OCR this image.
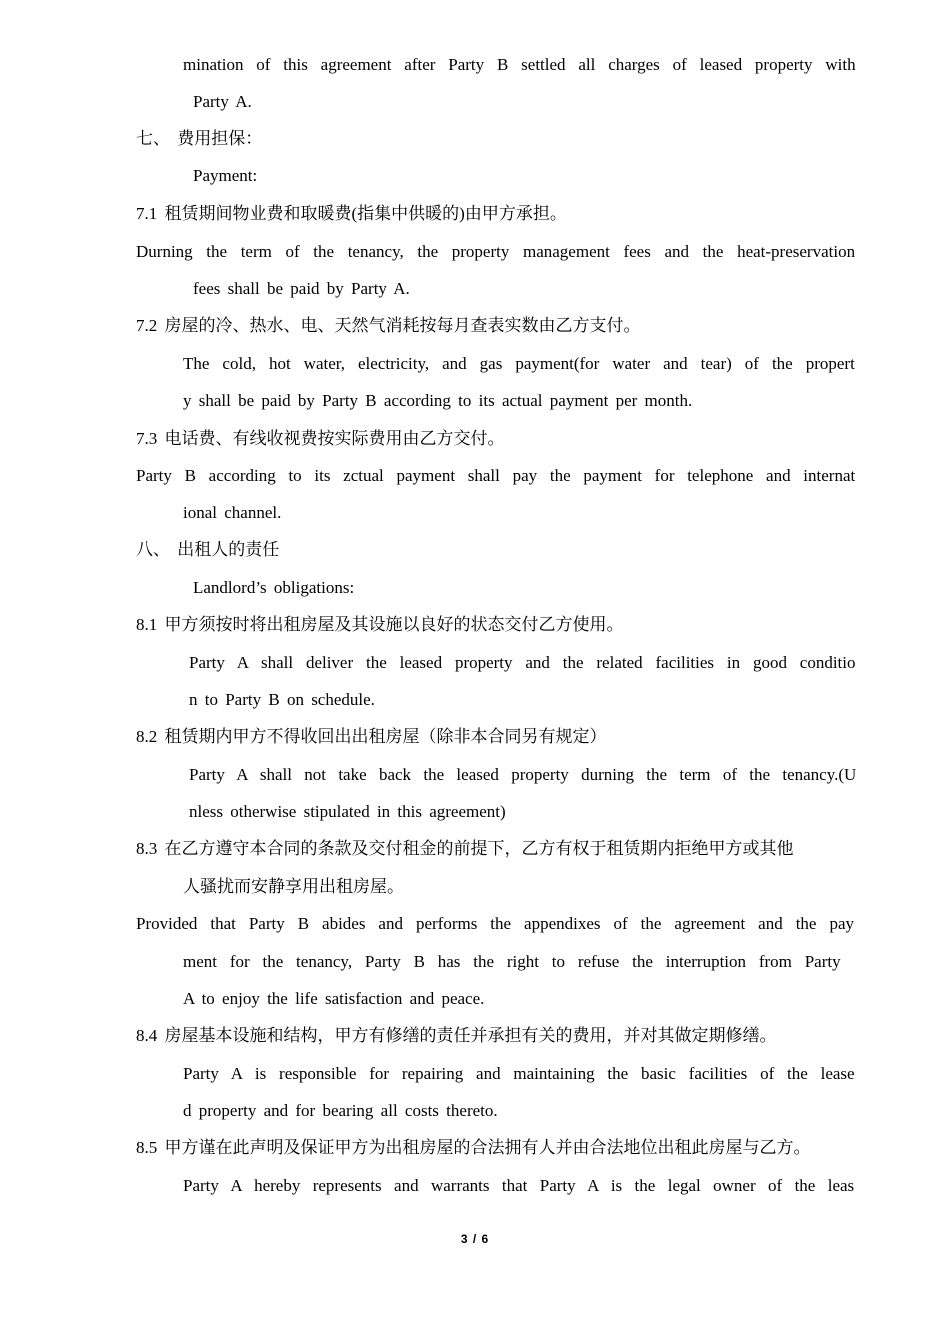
mination of this agreement after Party B settled all charges of leased property with
Party A.
七、 费用担保：
Payment:
7.1 租赁期间物业费和取暖费(指集中供暖的)由甲方承担。
Durning the term of the tenancy, the property management fees and the heat-preservation
fees shall be paid by Party A.
7.2 房屋的冷、热水、电、天然气消耗按每月查表实数由乙方支付。
The cold, hot water, electricity, and gas payment(for water and tear) of the propert
y shall be paid by Party B according to its actual payment per month.
7.3 电话费、有线收视费按实际费用由乙方交付。
Party B according to its zctual payment shall pay the payment for telephone and internat
ional channel.
八、 出租人的责任
Landlord’s obligations:
8.1 甲方须按时将出租房屋及其设施以良好的状态交付乙方使用。
Party A shall deliver the leased property and the related facilities in good conditio
n to Party B on schedule.
8.2 租赁期内甲方不得收回出出租房屋（除非本合同另有规定）
Party A shall not take back the leased property durning the term of the tenancy.(U
nless otherwise stipulated in this agreement)
8.3 在乙方遵守本合同的条款及交付租金的前提下，乙方有权于租赁期内拒绝甲方或其他
人骚扰而安静享用出租房屋。
Provided that Party B abides and performs the appendixes of the agreement and the pay
ment for the tenancy, Party B has the right to refuse the interruption from Party
A to enjoy the life satisfaction and peace.
8.4 房屋基本设施和结构，甲方有修缮的责任并承担有关的费用，并对其做定期修缮。
Party A is responsible for repairing and maintaining the basic facilities of the lease
d property and for bearing all costs thereto.
8.5 甲方谨在此声明及保证甲方为出租房屋的合法拥有人并由合法地位出租此房屋与乙方。
Party A hereby represents and warrants that Party A is the legal owner of the leas
3 / 6
